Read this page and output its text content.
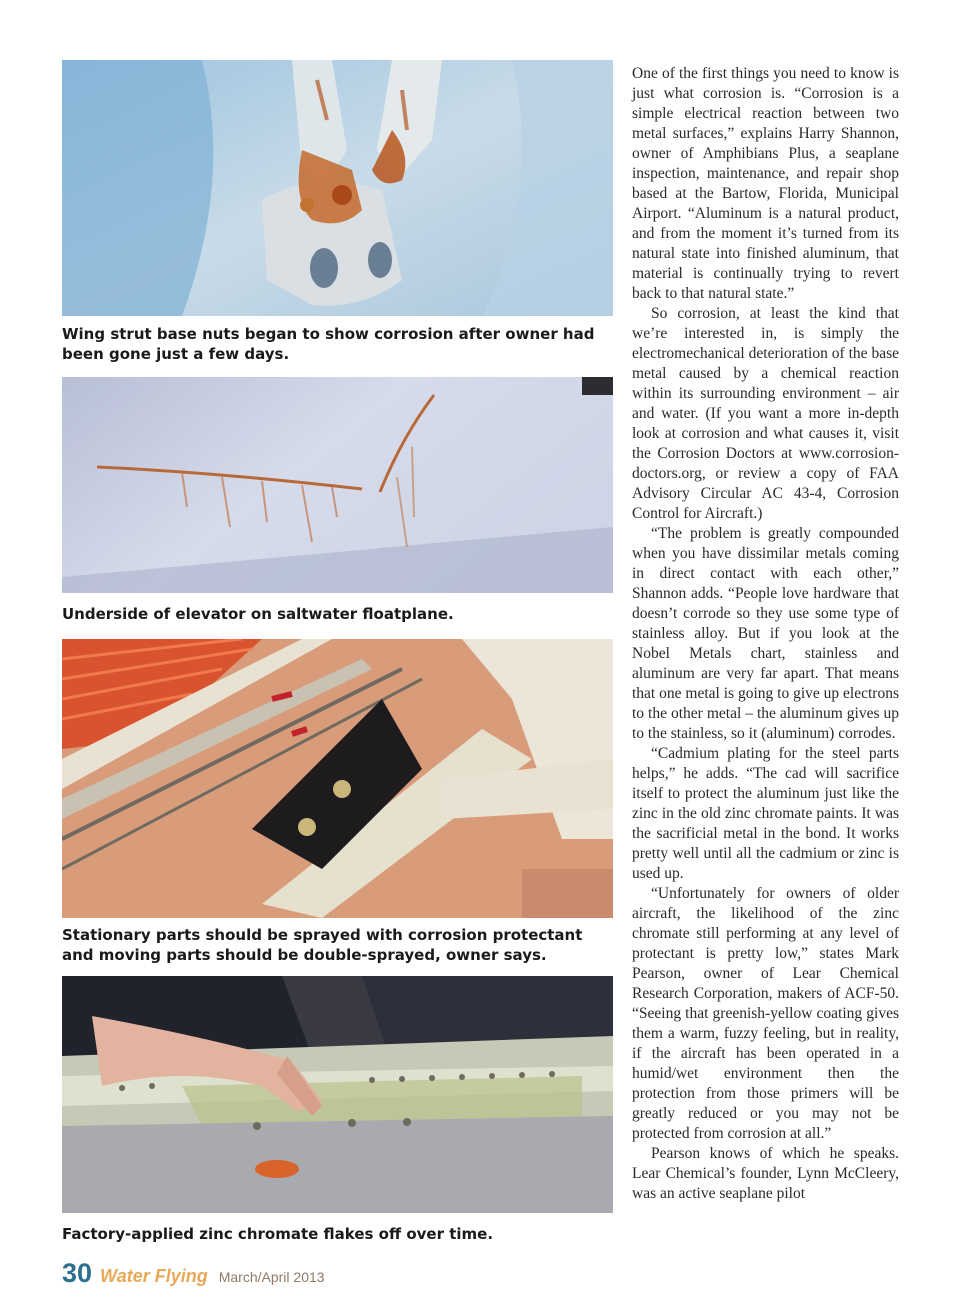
Wing strut base nuts began to show corrosion after owner had been gone just a few days.

Underside of elevator on saltwater floatplane.

Stationary parts should be sprayed with corrosion protectant and moving parts should be double-sprayed, owner says.

Factory-applied zinc chromate flakes off over time.

One of the first things you need to know is just what corrosion is. “Corrosion is a simple electrical reaction between two metal surfaces,” explains Harry Shannon, owner of Amphibians Plus, a seaplane inspection, maintenance, and repair shop based at the Bartow, Florida, Municipal Airport. “Aluminum is a natural product, and from the moment it’s turned from its natural state into finished aluminum, that material is continually trying to revert back to that natural state.”

So corrosion, at least the kind that we’re interested in, is simply the electromechanical deterioration of the base metal caused by a chemical reaction within its surrounding environment – air and water. (If you want a more in-depth look at corrosion and what causes it, visit the Corrosion Doctors at www.corrosion-doctors.org, or review a copy of FAA Advisory Circular AC 43-4, Corrosion Control for Aircraft.)

“The problem is greatly compounded when you have dissimilar metals coming in direct contact with each other,” Shannon adds. “People love hardware that doesn’t corrode so they use some type of stainless alloy. But if you look at the Nobel Metals chart, stainless and aluminum are very far apart. That means that one metal is going to give up electrons to the other metal – the aluminum gives up to the stainless, so it (aluminum) corrodes.

“Cadmium plating for the steel parts helps,” he adds. “The cad will sacrifice itself to protect the aluminum just like the zinc in the old zinc chromate paints. It was the sacrificial metal in the bond. It works pretty well until all the cadmium or zinc is used up.

“Unfortunately for owners of older aircraft, the likelihood of the zinc chromate still performing at any level of protectant is pretty low,” states Mark Pearson, owner of Lear Chemical Research Corporation, makers of ACF-50. “Seeing that greenish-yellow coating gives them a warm, fuzzy feeling, but in reality, if the aircraft has been operated in a humid/wet environment then the protection from those primers will be greatly reduced or you may not be protected from corrosion at all.”

Pearson knows of which he speaks. Lear Chemical’s founder, Lynn McCleery, was an active seaplane pilot

30 Water Flying March/April 2013
